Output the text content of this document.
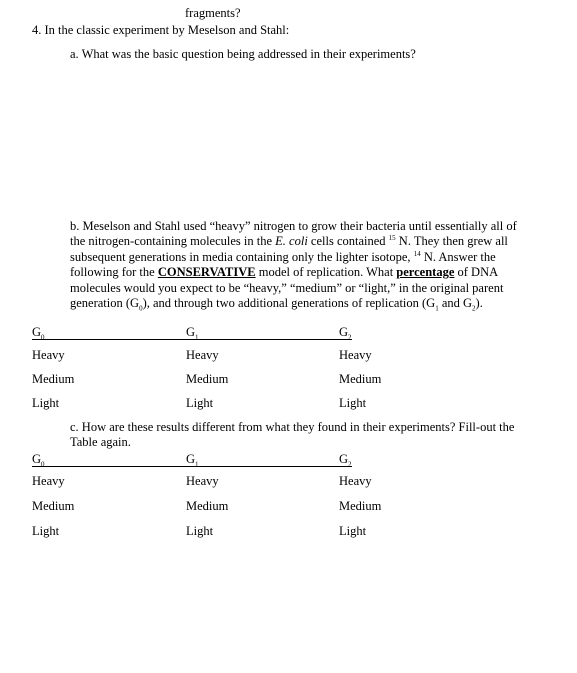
fragments?
4. In the classic experiment by Meselson and Stahl:
a. What was the basic question being addressed in their experiments?
b. Meselson and Stahl used “heavy” nitrogen to grow their bacteria until essentially all of
the nitrogen-containing molecules in the E. coli cells contained $^{15}$ N. They then grew all
subsequent generations in media containing only the lighter isotope, $^{14}$ N. Answer the
following for the CONSERVATIVE model of replication. What percentage of DNA
molecules would you expect to be “heavy,” “medium” or “light,” in the original parent
generation $(G_0)$, and through two additional generations of replication ($G_1$ and $G_2$).
$G_0$	$G_1$	$G_2$
Heavy	Heavy	Heavy
Medium	Medium	Medium
Light	Light	Light
c. How are these results different from what they found in their experiments? Fill-out the
Table again.
$G_0$	$G_1$	$G_2$
Heavy	Heavy	Heavy
Medium	Medium	Medium
Light	Light	Light
